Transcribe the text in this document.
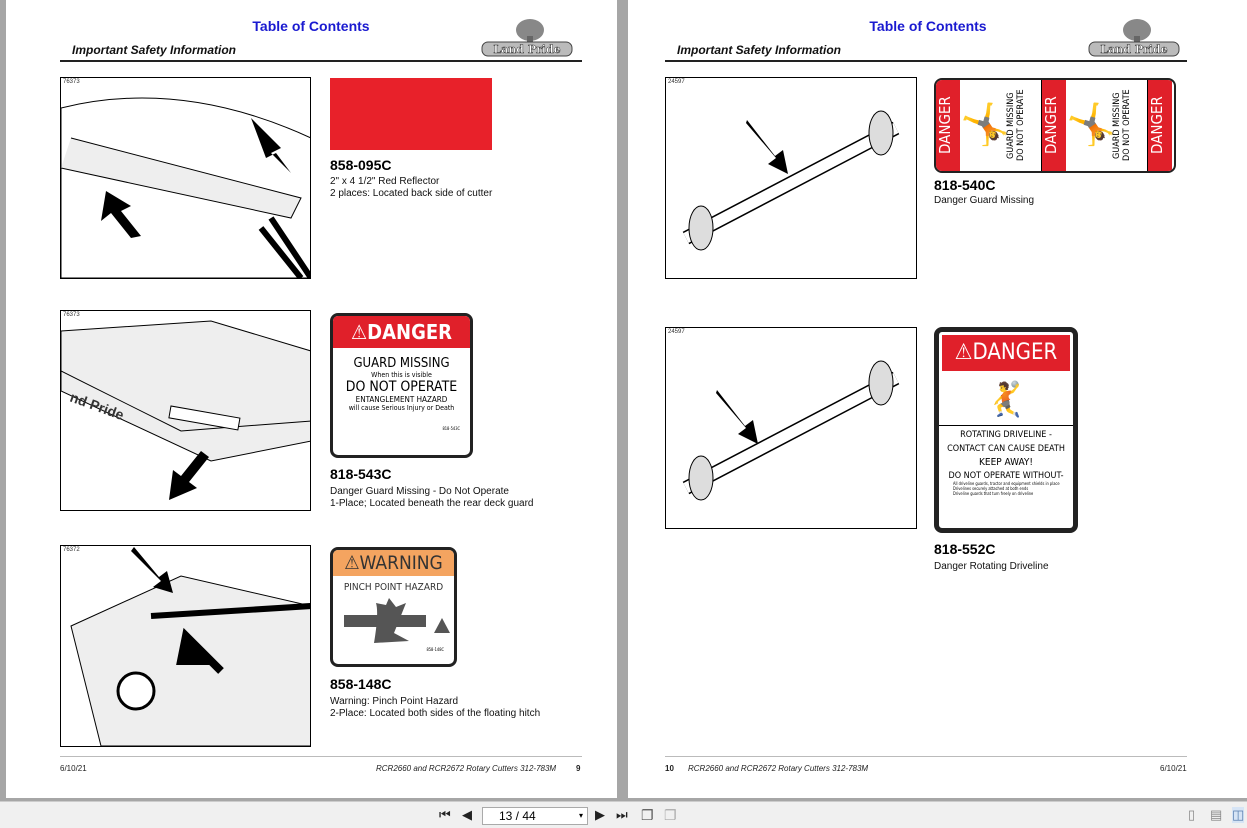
Table of Contents
Important Safety Information	Land Pride
76373
858-095C
2" x 4 1/2" Red Reflector
2 places: Located back side of cutter
76373
nd Pride
⚠DANGER
GUARD MISSING
When this is visible
DO NOT OPERATE
ENTANGLEMENT HAZARD
will cause Serious Injury or Death
818-543C
818-543C
Danger Guard Missing - Do Not Operate
1-Place; Located beneath the rear deck guard
76372
⚠WARNING
PINCH POINT HAZARD
858-148C
858-148C
Warning: Pinch Point Hazard
2-Place: Located both sides of the floating hitch
6/10/21	RCR2660 and RCR2672 Rotary Cutters 312-783M 9
Table of Contents
Important Safety Information	Land Pride
24597
DANGER 🤸
GUARD MISSING
DO NOT OPERATE	DANGER 🤸
GUARD MISSING
DO NOT OPERATE	DANGER
818-540C
Danger Guard Missing
24597
⚠DANGER
🤾
ROTATING DRIVELINE -
CONTACT CAN CAUSE DEATH
KEEP AWAY!
DO NOT OPERATE WITHOUT-
All driveline guards, tractor and equipment shields in place
Drivelines securely attached at both ends
Driveline guards that turn freely on driveline
818-552C
Danger Rotating Driveline
10 RCR2660 and RCR2672 Rotary Cutters 312-783M	6/10/21
⏮ ◀	13 / 44	▾ ▶ ⏭ ❐ ❐	▯ ▤ ◫
